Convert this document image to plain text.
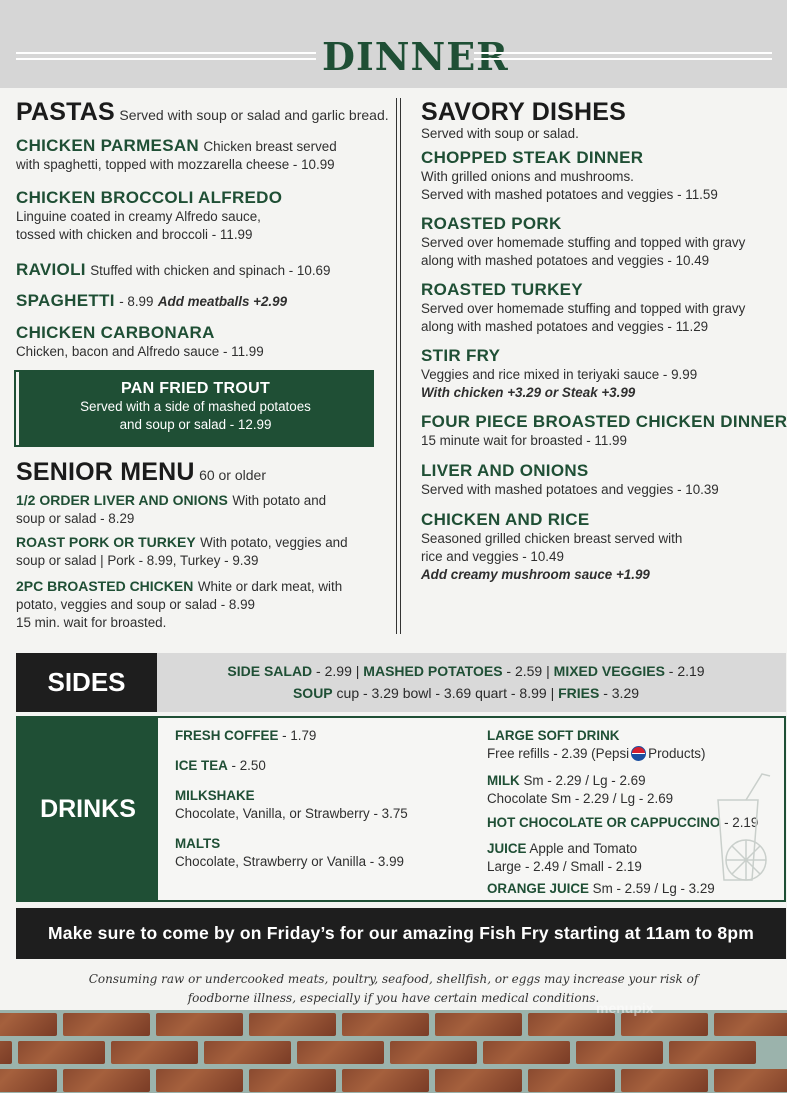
DINNER
PASTAS Served with soup or salad and garlic bread.
CHICKEN PARMESAN Chicken breast served
with spaghetti, topped with mozzarella cheese - 10.99
CHICKEN BROCCOLI ALFREDO
Linguine coated in creamy Alfredo sauce,
tossed with chicken and broccoli - 11.99
RAVIOLI Stuffed with chicken and spinach - 10.69
SPAGHETTI - 8.99 Add meatballs +2.99
CHICKEN CARBONARA
Chicken, bacon and Alfredo sauce - 11.99
PAN FRIED TROUT
Served with a side of mashed potatoes
and soup or salad - 12.99
SENIOR MENU 60 or older
1/2 ORDER LIVER AND ONIONS With potato and
soup or salad - 8.29
ROAST PORK OR TURKEY With potato, veggies and
soup or salad | Pork - 8.99, Turkey - 9.39
2PC BROASTED CHICKEN White or dark meat, with
potato, veggies and soup or salad - 8.99
15 min. wait for broasted.
SAVORY DISHES
Served with soup or salad.
CHOPPED STEAK DINNER
With grilled onions and mushrooms.
Served with mashed potatoes and veggies - 11.59
ROASTED PORK
Served over homemade stuffing and topped with gravy
along with mashed potatoes and veggies - 10.49
ROASTED TURKEY
Served over homemade stuffing and topped with gravy
along with mashed potatoes and veggies - 11.29
STIR FRY
Veggies and rice mixed in teriyaki sauce - 9.99
With chicken +3.29 or Steak +3.99
FOUR PIECE BROASTED CHICKEN DINNER
15 minute wait for broasted - 11.99
LIVER AND ONIONS
Served with mashed potatoes and veggies - 10.39
CHICKEN AND RICE
Seasoned grilled chicken breast served with
rice and veggies - 10.49
Add creamy mushroom sauce +1.99
SIDES	SIDE SALAD - 2.99 | MASHED POTATOES - 2.59 | MIXED VEGGIES - 2.19
SOUP cup - 3.29 bowl - 3.69 quart - 8.99 | FRIES - 3.29
DRINKS
FRESH COFFEE - 1.79
ICE TEA - 2.50
MILKSHAKE
Chocolate, Vanilla, or Strawberry - 3.75
MALTS
Chocolate, Strawberry or Vanilla - 3.99
LARGE SOFT DRINK
Free refills - 2.39 (Pepsi Products)
MILK Sm - 2.29 / Lg - 2.69
Chocolate Sm - 2.29 / Lg - 2.69
HOT CHOCOLATE OR CAPPUCCINO - 2.19
JUICE Apple and Tomato
Large - 2.49 / Small - 2.19
ORANGE JUICE Sm - 2.59 / Lg - 3.29
Make sure to come by on Friday’s for our amazing Fish Fry starting at 11am to 8pm
Consuming raw or undercooked meats, poultry, seafood, shellfish, or eggs may increase your risk of
foodborne illness, especially if you have certain medical conditions.
menupix
